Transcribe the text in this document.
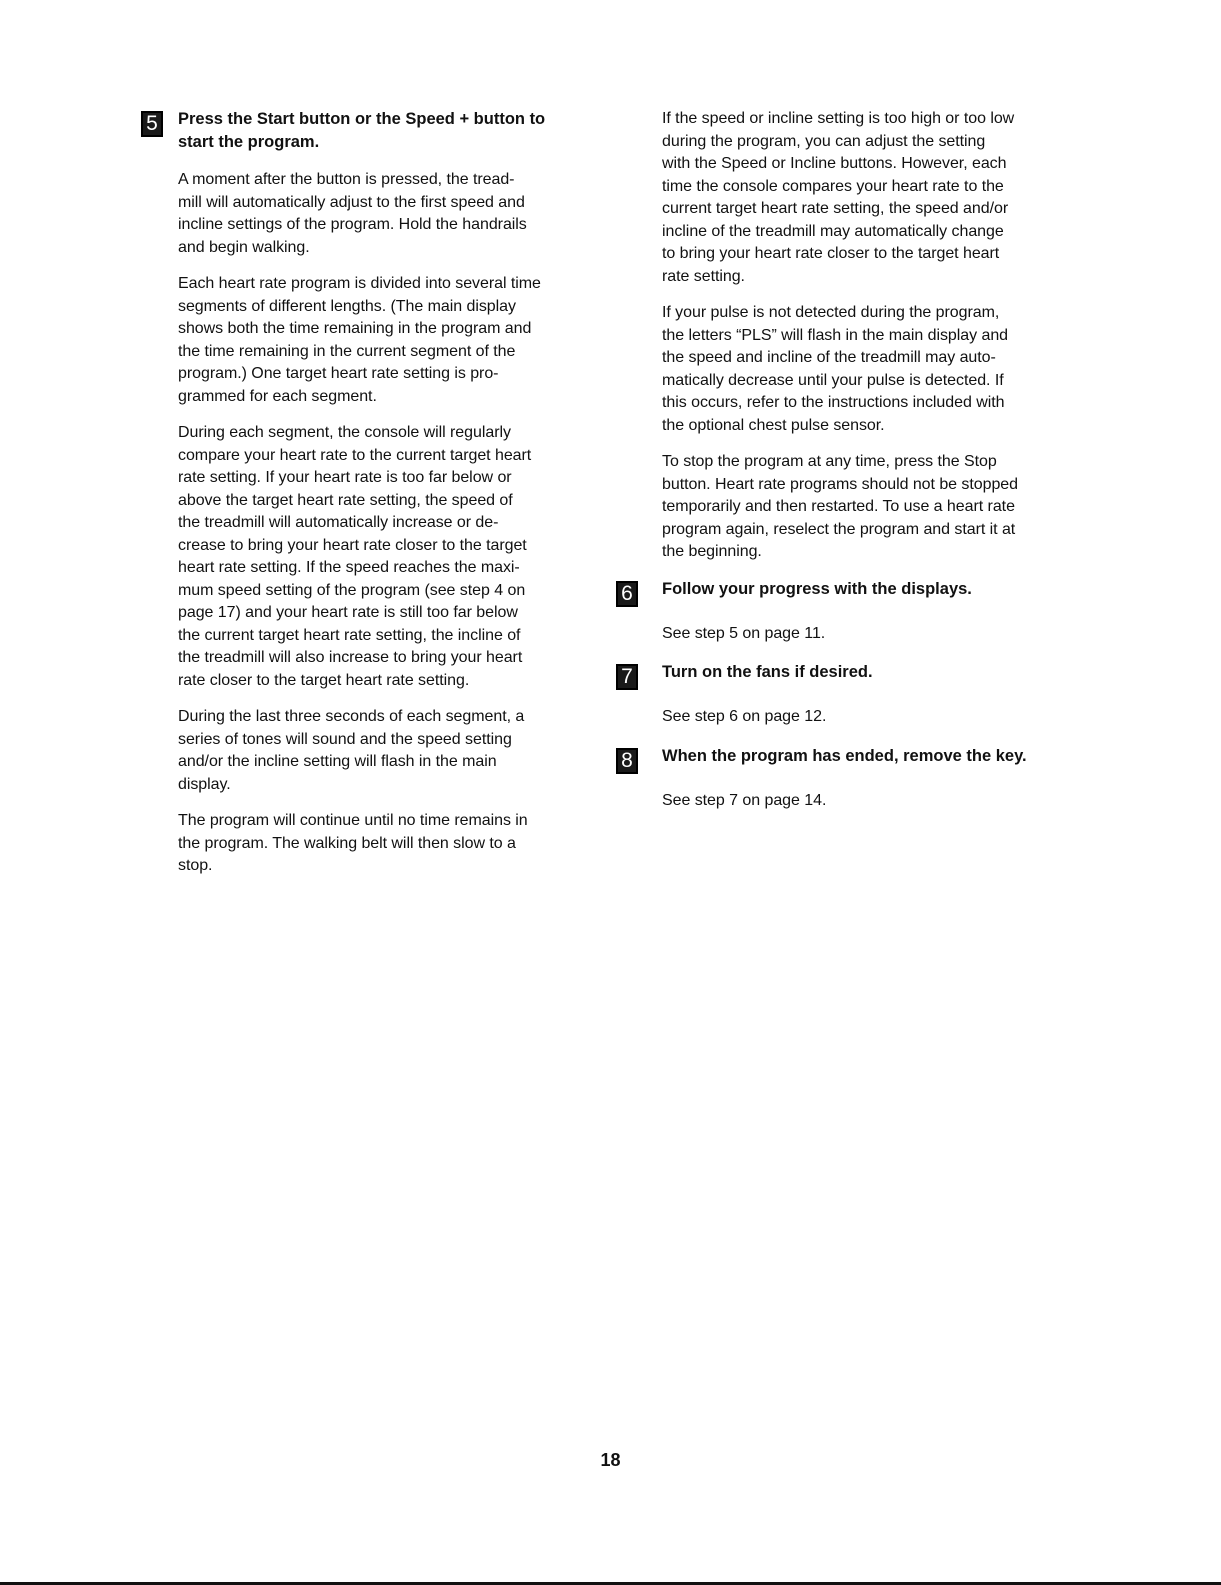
5	Press the Start button or the Speed + button to
start the program.

A moment after the button is pressed, the tread-

mill will automatically adjust to the first speed and

incline settings of the program. Hold the handrails

and begin walking.

Each heart rate program is divided into several time

segments of different lengths. (The main display

shows both the time remaining in the program and

the time remaining in the current segment of the

program.) One target heart rate setting is pro-

grammed for each segment.

During each segment, the console will regularly

compare your heart rate to the current target heart

rate setting. If your heart rate is too far below or

above the target heart rate setting, the speed of

the treadmill will automatically increase or de-

crease to bring your heart rate closer to the target

heart rate setting. If the speed reaches the maxi-

mum speed setting of the program (see step 4 on

page 17) and your heart rate is still too far below

the current target heart rate setting, the incline of

the treadmill will also increase to bring your heart

rate closer to the target heart rate setting.

During the last three seconds of each segment, a

series of tones will sound and the speed setting

and/or the incline setting will flash in the main

display.

The program will continue until no time remains in

the program. The walking belt will then slow to a

stop.

If the speed or incline setting is too high or too low

during the program, you can adjust the setting

with the Speed or Incline buttons. However, each

time the console compares your heart rate to the

current target heart rate setting, the speed and/or

incline of the treadmill may automatically change

to bring your heart rate closer to the target heart

rate setting.

If your pulse is not detected during the program,

the letters “PLS” will flash in the main display and

the speed and incline of the treadmill may auto-

matically decrease until your pulse is detected. If

this occurs, refer to the instructions included with

the optional chest pulse sensor.

To stop the program at any time, press the Stop

button. Heart rate programs should not be stopped

temporarily and then restarted. To use a heart rate

program again, reselect the program and start it at

the beginning.

6	Follow your progress with the displays.

See step 5 on page 11.

7	Turn on the fans if desired.

See step 6 on page 12.

8	When the program has ended, remove the key.

See step 7 on page 14.

18
